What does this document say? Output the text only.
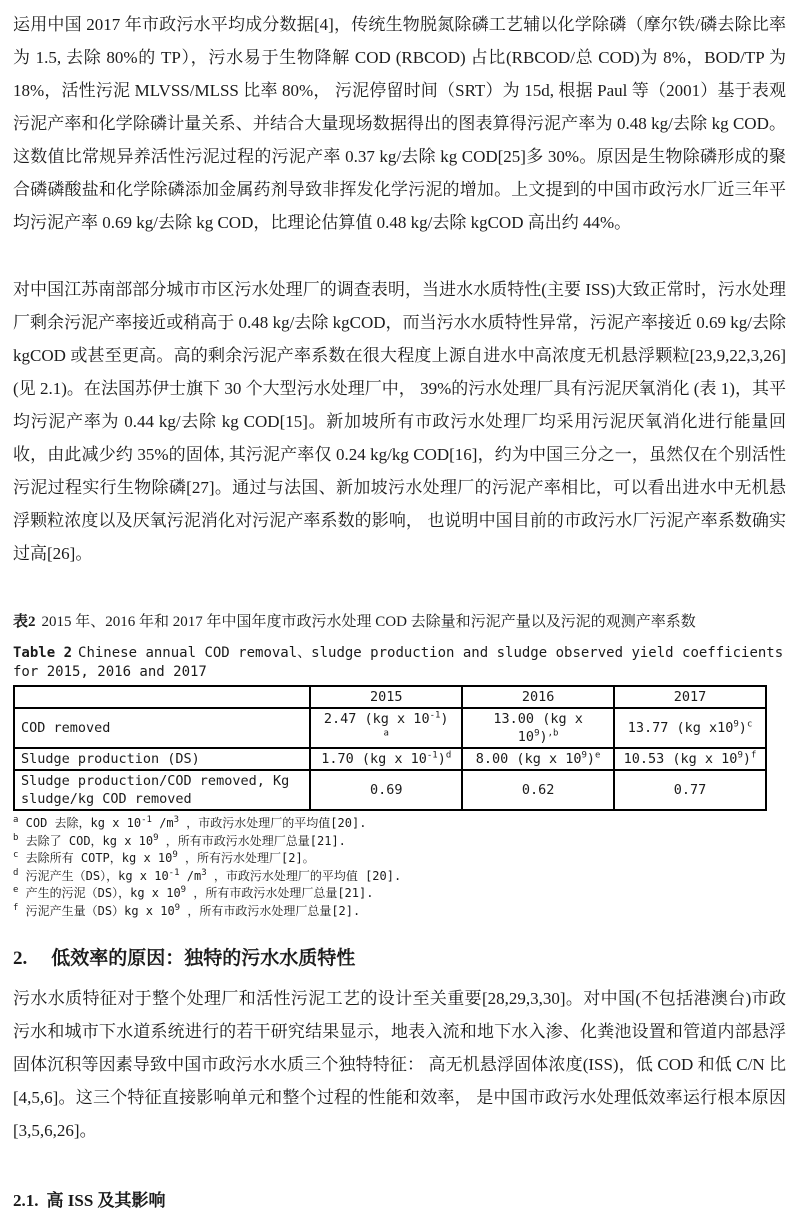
运用中国 2017 年市政污水平均成分数据[4]，传统生物脱氮除磷工艺辅以化学除磷（摩尔铁/磷去除比率为 1.5, 去除 80%的 TP），污水易于生物降解 COD (RBCOD) 占比(RBCOD/总 COD)为 8%，BOD/TP 为 18%，活性污泥 MLVSS/MLSS 比率 80%， 污泥停留时间（SRT）为 15d, 根据 Paul 等（2001）基于表观污泥产率和化学除磷计量关系、并结合大量现场数据得出的图表算得污泥产率为 0.48 kg/去除 kg COD。这数值比常规异养活性污泥过程的污泥产率 0.37 kg/去除 kg COD[25]多 30%。原因是生物除磷形成的聚合磷磷酸盐和化学除磷添加金属药剂导致非挥发化学污泥的增加。上文提到的中国市政污水厂近三年平均污泥产率 0.69 kg/去除 kg COD，比理论估算值 0.48 kg/去除 kgCOD 高出约 44%。

对中国江苏南部部分城市市区污水处理厂的调查表明，当进水水质特性(主要 ISS)大致正常时，污水处理厂剩余污泥产率接近或稍高于 0.48 kg/去除 kgCOD，而当污水水质特性异常，污泥产率接近 0.69 kg/去除 kgCOD 或甚至更高。高的剩余污泥产率系数在很大程度上源自进水中高浓度无机悬浮颗粒[23,9,22,3,26](见 2.1)。在法国苏伊士旗下 30 个大型污水处理厂中， 39%的污水处理厂具有污泥厌氧消化 (表 1)，其平均污泥产率为 0.44 kg/去除 kg COD[15]。新加坡所有市政污水处理厂均采用污泥厌氧消化进行能量回收，由此减少约 35%的固体, 其污泥产率仅 0.24 kg/kg COD[16]，约为中国三分之一，虽然仅在个别活性污泥过程实行生物除磷[27]。通过与法国、新加坡污水处理厂的污泥产率相比，可以看出进水中无机悬浮颗粒浓度以及厌氧污泥消化对污泥产率系数的影响， 也说明中国目前的市政污水厂污泥产率系数确实过高[26]。

表2 2015 年、2016 年和 2017 年中国年度市政污水处理 COD 去除量和污泥产量以及污泥的观测产率系数
Table 2 Chinese annual COD removal、sludge production and sludge observed yield coefficients for 2015, 2016 and 2017
	2015	2016	2017
COD removed	2.47 (kg x $10^{-1}$) $^a$	13.00 (kg x $10^9)^{,b}$	13.77 (kg $x10^9)^c$
Sludge production (DS)	1.70 (kg x $10^{-1})^d$	8.00 (kg x $10^9)^e$	10.53 (kg x $10^9)^f$
Sludge production/COD removed, Kg sludge/kg COD removed	0.69	0.62	0.77
$^a$ COD 去除，kg x $10^{-1}$ $/m^3$ ，市政污水处理厂的平均值[20].
$^b$ 去除了 COD，kg x $10^9$ ，所有市政污水处理厂总量[21].
$^c$ 去除所有 COTP，kg x $10^9$ ，所有污水处理厂[2]。
$^d$ 污泥产生（DS），kg x $10^{-1}$ $/m^3$ ，市政污水处理厂的平均值 [20].
$^e$ 产生的污泥（DS），kg x $10^9$ ，所有市政污水处理厂总量[21].
$^f$ 污泥产生量（DS）kg x $10^9$ ，所有市政污水处理厂总量[2].
2. 低效率的原因：独特的污水水质特性

污水水质特征对于整个处理厂和活性污泥工艺的设计至关重要[28,29,3,30]。对中国(不包括港澳台)市政污水和城市下水道系统进行的若干研究结果显示，地表入流和地下水入渗、化粪池设置和管道内部悬浮固体沉积等因素导致中国市政污水水质三个独特特征： 高无机悬浮固体浓度(ISS)，低 COD 和低 C/N 比[4,5,6]。这三个特征直接影响单元和整个过程的性能和效率， 是中国市政污水处理低效率运行根本原因[3,5,6,26]。

2.1. 高 ISS 及其影响
